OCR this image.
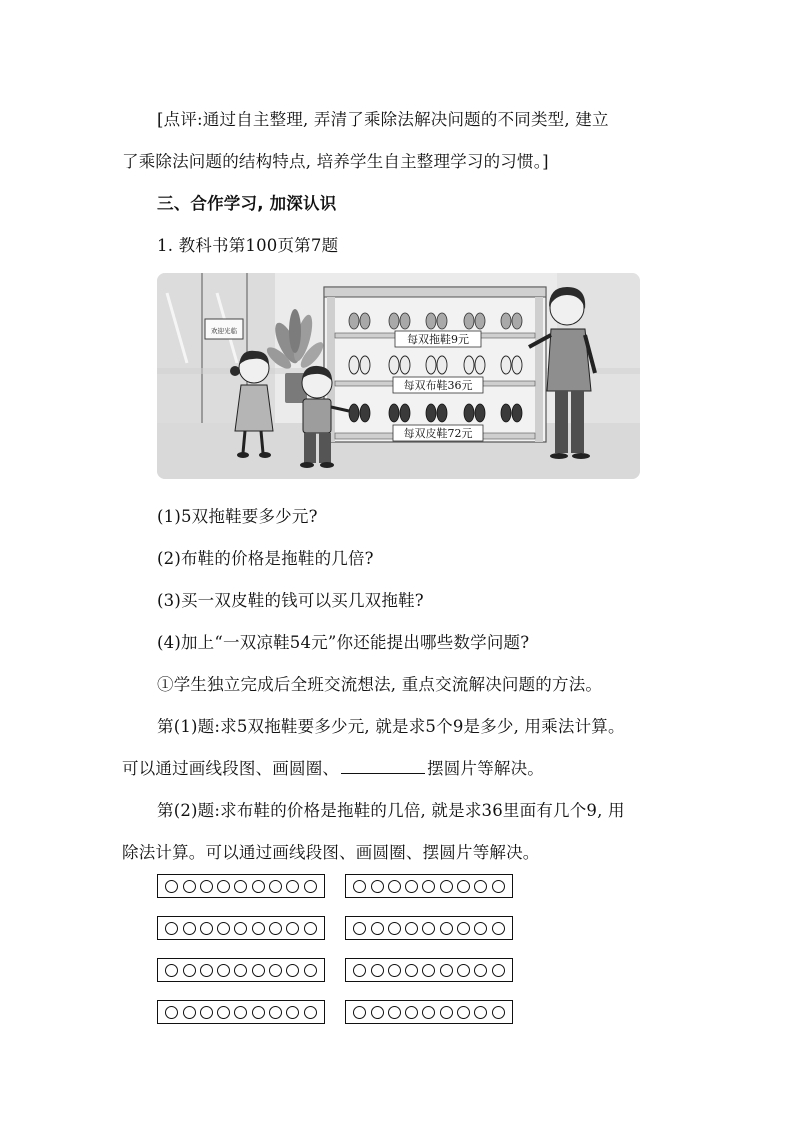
[点评:通过自主整理, 弄清了乘除法解决问题的不同类型, 建立
了乘除法问题的结构特点, 培养学生自主整理学习的习惯。]
三、合作学习, 加深认识
1. 教科书第100页第7题
欢迎光临
每双拖鞋9元
每双布鞋36元
每双皮鞋72元
(1)5双拖鞋要多少元?
(2)布鞋的价格是拖鞋的几倍?
(3)买一双皮鞋的钱可以买几双拖鞋?
(4)加上“一双凉鞋54元”你还能提出哪些数学问题?
①学生独立完成后全班交流想法, 重点交流解决问题的方法。
第(1)题:求5双拖鞋要多少元, 就是求5个9是多少, 用乘法计算。
可以通过画线段图、画圆圈、	摆圆片等解决。
第(2)题:求布鞋的价格是拖鞋的几倍, 就是求36里面有几个9, 用
除法计算。可以通过画线段图、画圆圈、摆圆片等解决。
